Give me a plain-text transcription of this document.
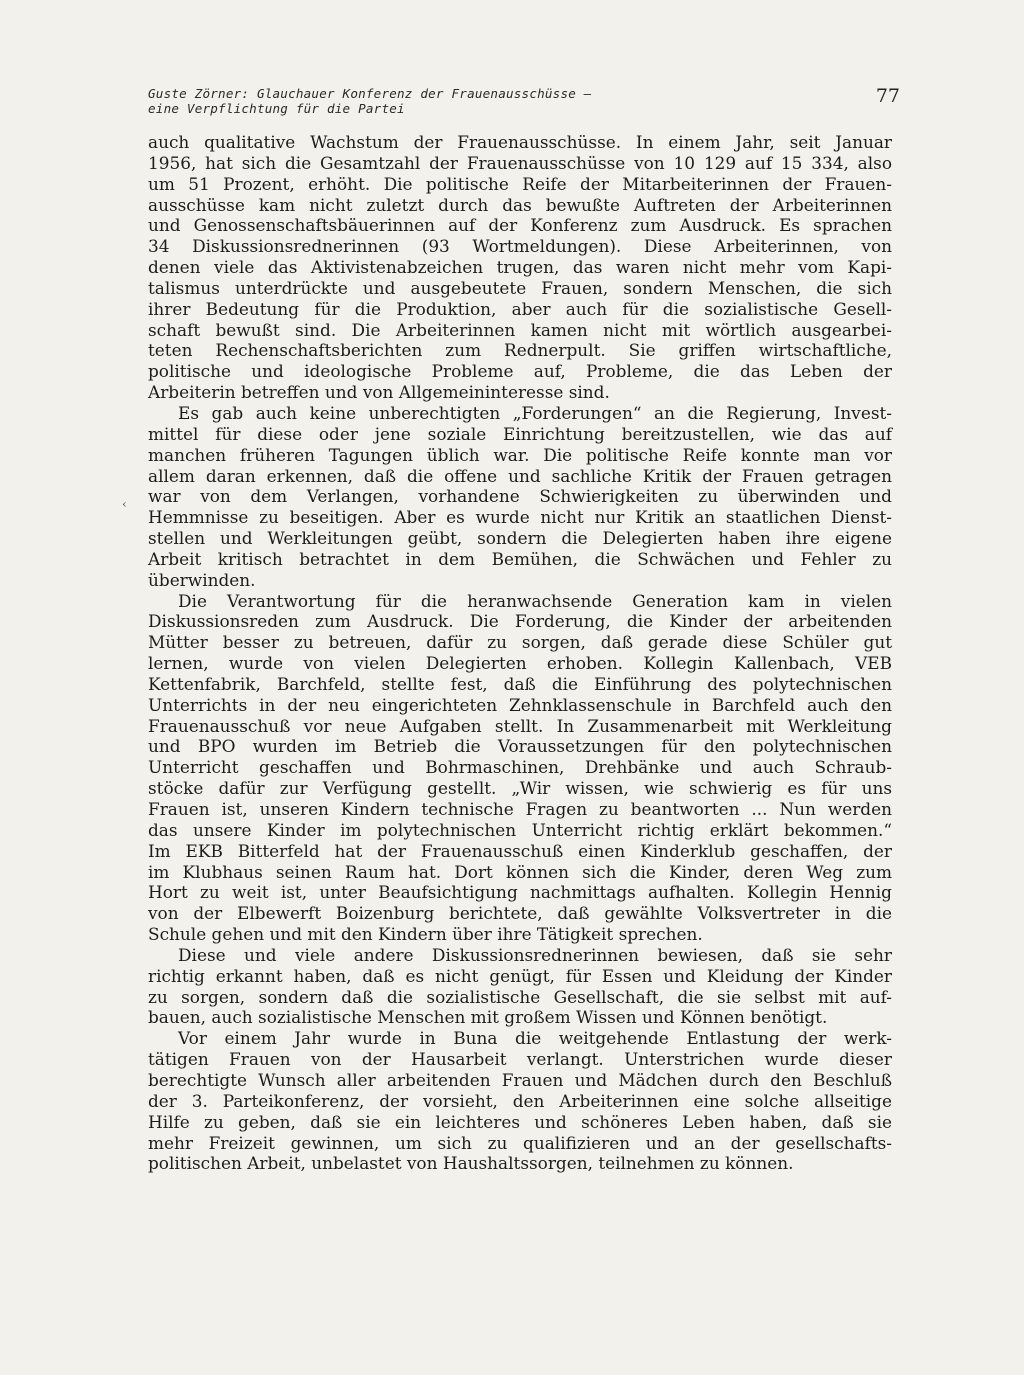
Guste Zörner: Glauchauer Konferenz der Frauenausschüsse —
eine Verpflichtung für die Partei
77
‹

auch qualitative Wachstum der Frauenausschüsse. In einem Jahr, seit Januar
1956, hat sich die Gesamtzahl der Frauenausschüsse von 10 129 auf 15 334, also
um 51 Prozent, erhöht. Die politische Reife der Mitarbeiterinnen der Frauen-
ausschüsse kam nicht zuletzt durch das bewußte Auftreten der Arbeiterinnen
und Genossenschaftsbäuerinnen auf der Konferenz zum Ausdruck. Es sprachen
34 Diskussionsrednerinnen (93 Wortmeldungen). Diese Arbeiterinnen, von
denen viele das Aktivistenabzeichen trugen, das waren nicht mehr vom Kapi-
talismus unterdrückte und ausgebeutete Frauen, sondern Menschen, die sich
ihrer Bedeutung für die Produktion, aber auch für die sozialistische Gesell-
schaft bewußt sind. Die Arbeiterinnen kamen nicht mit wörtlich ausgearbei-
teten Rechenschaftsberichten zum Rednerpult. Sie griffen wirtschaftliche,
politische und ideologische Probleme auf, Probleme, die das Leben der
Arbeiterin betreffen und von Allgemeininteresse sind.

Es gab auch keine unberechtigten „Forderungen“ an die Regierung, Invest-
mittel für diese oder jene soziale Einrichtung bereitzustellen, wie das auf
manchen früheren Tagungen üblich war. Die politische Reife konnte man vor
allem daran erkennen, daß die offene und sachliche Kritik der Frauen getragen
war von dem Verlangen, vorhandene Schwierigkeiten zu überwinden und
Hemmnisse zu beseitigen. Aber es wurde nicht nur Kritik an staatlichen Dienst-
stellen und Werkleitungen geübt, sondern die Delegierten haben ihre eigene
Arbeit kritisch betrachtet in dem Bemühen, die Schwächen und Fehler zu
überwinden.

Die Verantwortung für die heranwachsende Generation kam in vielen
Diskussionsreden zum Ausdruck. Die Forderung, die Kinder der arbeitenden
Mütter besser zu betreuen, dafür zu sorgen, daß gerade diese Schüler gut
lernen, wurde von vielen Delegierten erhoben. Kollegin Kallenbach, VEB
Kettenfabrik, Barchfeld, stellte fest, daß die Einführung des polytechnischen
Unterrichts in der neu eingerichteten Zehnklassenschule in Barchfeld auch den
Frauenausschuß vor neue Aufgaben stellt. In Zusammenarbeit mit Werkleitung
und BPO wurden im Betrieb die Voraussetzungen für den polytechnischen
Unterricht geschaffen und Bohrmaschinen, Drehbänke und auch Schraub-
stöcke dafür zur Verfügung gestellt. „Wir wissen, wie schwierig es für uns
Frauen ist, unseren Kindern technische Fragen zu beantworten ... Nun werden
das unsere Kinder im polytechnischen Unterricht richtig erklärt bekommen.“
Im EKB Bitterfeld hat der Frauenausschuß einen Kinderklub geschaffen, der
im Klubhaus seinen Raum hat. Dort können sich die Kinder, deren Weg zum
Hort zu weit ist, unter Beaufsichtigung nachmittags aufhalten. Kollegin Hennig
von der Elbewerft Boizenburg berichtete, daß gewählte Volksvertreter in die
Schule gehen und mit den Kindern über ihre Tätigkeit sprechen.

Diese und viele andere Diskussionsrednerinnen bewiesen, daß sie sehr
richtig erkannt haben, daß es nicht genügt, für Essen und Kleidung der Kinder
zu sorgen, sondern daß die sozialistische Gesellschaft, die sie selbst mit auf-
bauen, auch sozialistische Menschen mit großem Wissen und Können benötigt.

Vor einem Jahr wurde in Buna die weitgehende Entlastung der werk-
tätigen Frauen von der Hausarbeit verlangt. Unterstrichen wurde dieser
berechtigte Wunsch aller arbeitenden Frauen und Mädchen durch den Beschluß
der 3. Parteikonferenz, der vorsieht, den Arbeiterinnen eine solche allseitige
Hilfe zu geben, daß sie ein leichteres und schöneres Leben haben, daß sie
mehr Freizeit gewinnen, um sich zu qualifizieren und an der gesellschafts-
politischen Arbeit, unbelastet von Haushaltssorgen, teilnehmen zu können.
